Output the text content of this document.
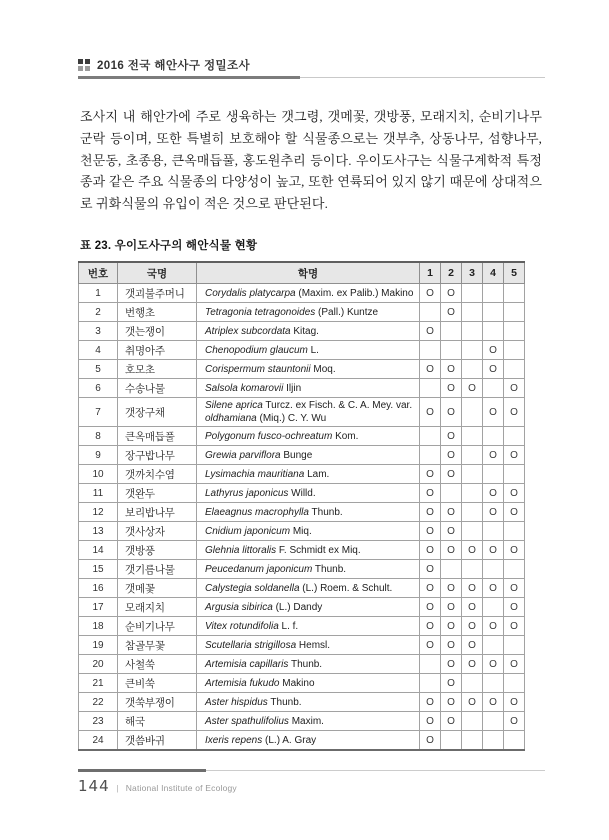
2016 전국 해안사구 정밀조사

조사지 내 해안가에 주로 생육하는 갯그령, 갯메꽃, 갯방풍, 모래지치, 순비기나무 군락 등이며, 또한 특별히 보호해야 할 식물종으로는 갯부추, 상동나무, 섬향나무, 천문동, 초종용, 큰옥매듭풀, 홍도원추리 등이다. 우이도사구는 식물구계학적 특정종과 같은 주요 식물종의 다양성이 높고, 또한 연륙되어 있지 않기 때문에 상대적으로 귀화식물의 유입이 적은 것으로 판단된다.

표 23. 우이도사구의 해안식물 현황
번호	국명	학명	1	2	3	4	5
1	갯괴불주머니	Corydalis platycarpa (Maxim. ex Palib.) Makino	O	O			
2	번행초	Tetragonia tetragonoides (Pall.) Kuntze		O			
3	갯는쟁이	Atriplex subcordata Kitag.	O				
4	취명아주	Chenopodium glaucum L.				O	
5	호모초	Corispermum stauntonii Moq.	O	O		O	
6	수송나물	Salsola komarovii Iljin		O	O		O
7	갯장구채	Silene aprica Turcz. ex Fisch. & C. A. Mey. var. oldhamiana (Miq.) C. Y. Wu	O	O		O	O
8	큰옥매듭풀	Polygonum fusco-ochreatum Kom.		O			
9	장구밥나무	Grewia parviflora Bunge		O		O	O
10	갯까치수염	Lysimachia mauritiana Lam.	O	O			
11	갯완두	Lathyrus japonicus Willd.	O			O	O
12	보리밥나무	Elaeagnus macrophylla Thunb.	O	O		O	O
13	갯사상자	Cnidium japonicum Miq.	O	O			
14	갯방풍	Glehnia littoralis F. Schmidt ex Miq.	O	O	O	O	O
15	갯기름나물	Peucedanum japonicum Thunb.	O				
16	갯메꽃	Calystegia soldanella (L.) Roem. & Schult.	O	O	O	O	O
17	모래지치	Argusia sibirica (L.) Dandy	O	O	O		O
18	순비기나무	Vitex rotundifolia L. f.	O	O	O	O	O
19	참골무꽃	Scutellaria strigillosa Hemsl.	O	O	O		
20	사철쑥	Artemisia capillaris Thunb.		O	O	O	O
21	큰비쑥	Artemisia fukudo Makino		O			
22	갯쑥부쟁이	Aster hispidus Thunb.	O	O	O	O	O
23	해국	Aster spathulifolius Maxim.	O	O			O
24	갯씀바귀	Ixeris repens (L.) A. Gray	O				
144 | National Institute of Ecology
